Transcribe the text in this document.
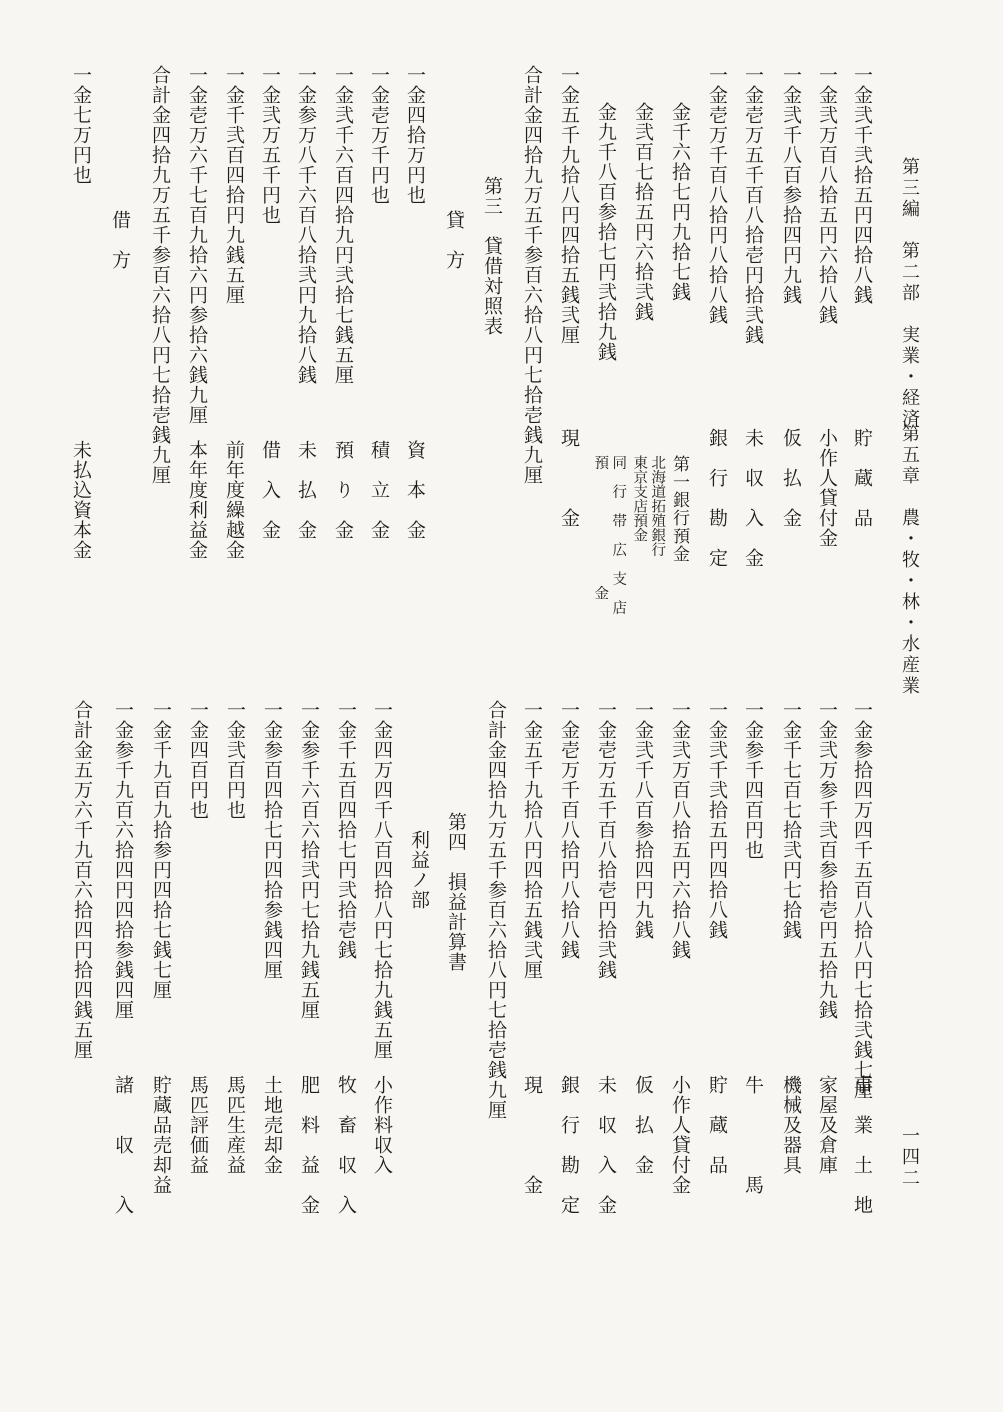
第三編　第二部　実業・経済
第五章　農・牧・林・水産業
一四二
一金弐千弐拾五円四拾八銭
貯　蔵　品
一金弐万百八拾五円六拾八銭
小作人貸付金
一金弐千八百参拾四円九銭
仮　払　金
一金壱万五千百八拾壱円拾弐銭
未　収　入　金
一金壱万千百八拾円八拾八銭
銀　行　勘　定
金千六拾七円九拾七銭
第一銀行預金
金弐百七拾五円六拾弐銭
北海道拓殖銀行
東京支店預金
金九千八百参拾七円弐拾九銭
同　行　帯　広　支　店
預　　　　　　　　金
一金五千九拾八円四拾五銭弐厘
現　　　金
合計金四拾九万五千参百六拾八円七拾壱銭九厘
第三　貸借対照表
貸　方
一金四拾万円也
資　本　金
一金壱万千円也
積　立　金
一金弐千六百四拾九円弐拾七銭五厘
預　り　金
一金参万八千六百八拾弐円九拾八銭
未　払　金
一金弐万五千円也
借　入　金
一金千弐百四拾円九銭五厘
前年度繰越金
一金壱万六千七百九拾六円参拾六銭九厘
本年度利益金
合計金四拾九万五千参百六拾八円七拾壱銭九厘
借　方
一金七万円也
未払込資本金
一金参拾四万四千五百八拾八円七拾弐銭七厘
事　業　土　地
一金弐万参千弐百参拾壱円五拾九銭
家屋及倉庫
一金千七百七拾弐円七拾銭
機械及器具
一金参千四百円也
牛　　　　馬
一金弐千弐拾五円四拾八銭
貯　蔵　品
一金弐万百八拾五円六拾八銭
小作人貸付金
一金弐千八百参拾四円九銭
仮　払　金
一金壱万五千百八拾壱円拾弐銭
未　収　入　金
一金壱万千百八拾円八拾八銭
銀　行　勘　定
一金五千九拾八円四拾五銭弐厘
現　　　　金
合計金四拾九万五千参百六拾八円七拾壱銭九厘
第四　損益計算書
利益ノ部
一金四万四千八百四拾八円七拾九銭五厘
小作料収入
一金千五百四拾七円弐拾壱銭
牧　畜　収　入
一金参千六百六拾弐円七拾九銭五厘
肥　料　益　金
一金参百四拾七円四拾参銭四厘
土地売却金
一金弐百円也
馬匹生産益
一金四百円也
馬匹評価益
一金千九百九拾参円四拾七銭七厘
貯蔵品売却益
一金参千九百六拾四円四拾参銭四厘
諸　　収　　入
合計金五万六千九百六拾四円拾四銭五厘
